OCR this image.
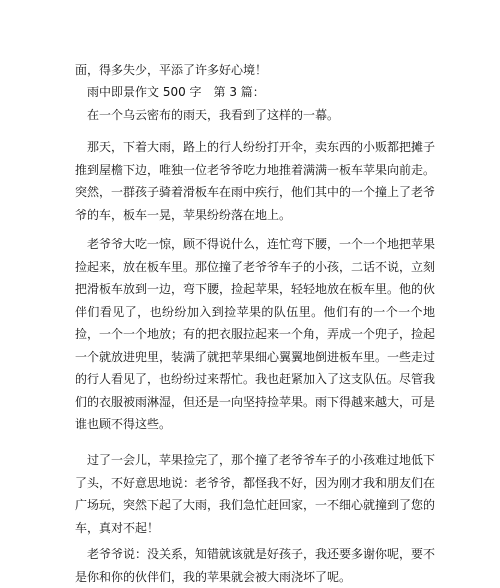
面，得多失少，平添了许多好心境！
雨中即景作文 500 字　第 3 篇：
在一个乌云密布的雨天，我看到了这样的一幕。
那天，下着大雨，路上的行人纷纷打开伞，卖东西的小贩都把摊子推到屋檐下边，唯独一位老爷爷吃力地推着满满一板车苹果向前走。突然，一群孩子骑着滑板车在雨中疾行，他们其中的一个撞上了老爷爷的车，板车一晃，苹果纷纷落在地上。
老爷爷大吃一惊，顾不得说什么，连忙弯下腰，一个一个地把苹果捡起来，放在板车里。那位撞了老爷爷车子的小孩，二话不说，立刻把滑板车放到一边，弯下腰，捡起苹果，轻轻地放在板车里。他的伙伴们看见了，也纷纷加入到捡苹果的队伍里。他们有的一个一个地捡，一个一个地放；有的把衣服拉起来一个角，弄成一个兜子，捡起一个就放进兜里，装满了就把苹果细心翼翼地倒进板车里。一些走过的行人看见了，也纷纷过来帮忙。我也赶紧加入了这支队伍。尽管我们的衣服被雨淋湿，但还是一向坚持捡苹果。雨下得越来越大，可是谁也顾不得这些。
过了一会儿，苹果捡完了，那个撞了老爷爷车子的小孩难过地低下了头，不好意思地说：老爷爷，都怪我不好，因为刚才我和朋友们在广场玩，突然下起了大雨，我们急忙赶回家，一不细心就撞到了您的车，真对不起！
老爷爷说：没关系，知错就该就是好孩子，我还要多谢你呢，要不是你和你的伙伴们，我的苹果就会被大雨浇坏了呢。
